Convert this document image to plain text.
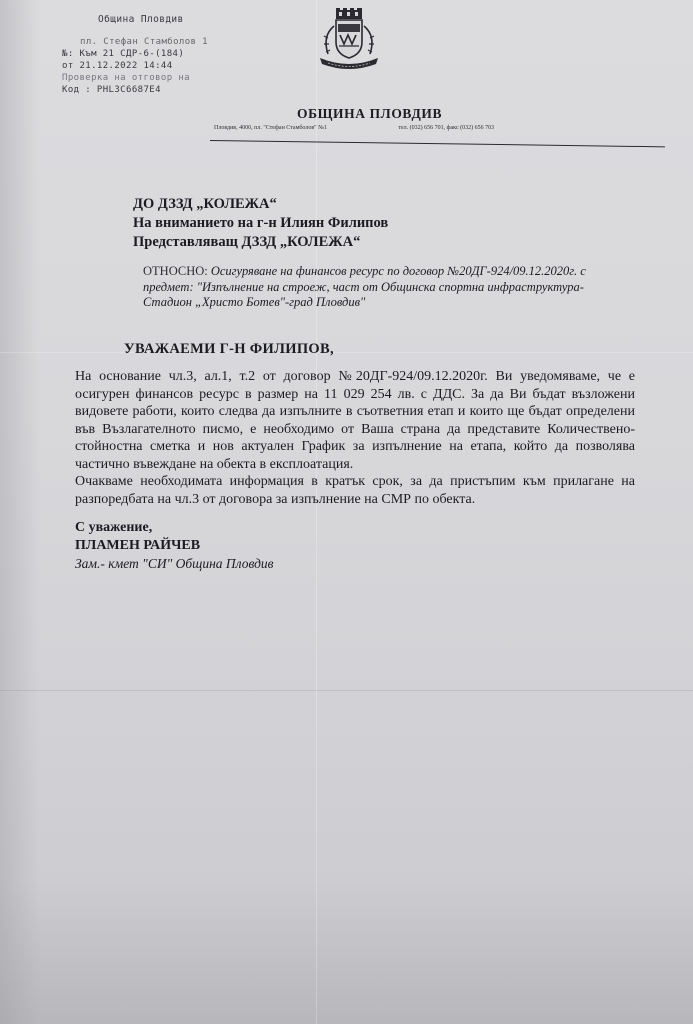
Община Пловдив
пл. Стефан Стамболов 1
№: Към 21 СДР-6-(184)
от 21.12.2022 14:44
Проверка на отговор на
Код : PHL3C6687E4
ОБЩИНА ПЛОВДИВ
Пловдив, 4000, пл. "Стефан Стамболов" №1	тел. (032) 656 701, факс (032) 656 703
ДО ДЗЗД „КОЛЕЖА“
На вниманието на г-н Илиян Филипов
Представляващ ДЗЗД „КОЛЕЖА“
ОТНОСНО: Осигуряване на финансов ресурс по договор №20ДГ-924/09.12.2020г. с предмет: "Изпълнение на строеж, част от Общинска спортна инфраструктура- Стадион „Христо Ботев"-град Пловдив"
УВАЖАЕМИ Г-Н ФИЛИПОВ,

На основание чл.3, ал.1, т.2 от договор №20ДГ-924/09.12.2020г. Ви уведомяваме, че е осигурен финансов ресурс в размер на 11 029 254 лв. с ДДС. За да Ви бъдат възложени видовете работи, които следва да изпълните в съответния етап и които ще бъдат определени във Възлагателното писмо, е необходимо от Ваша страна да представите Количествено-стойностна сметка и нов актуален График за изпълнение на етапа, който да позволява частично въвеждане на обекта в експлоатация.

Очакваме необходимата информация в кратък срок, за да пристъпим към прилагане на разпоредбата на чл.3 от договора за изпълнение на СМР по обекта.

С уважение,
ПЛАМЕН РАЙЧЕВ
Зам.- кмет "СИ" Община Пловдив
